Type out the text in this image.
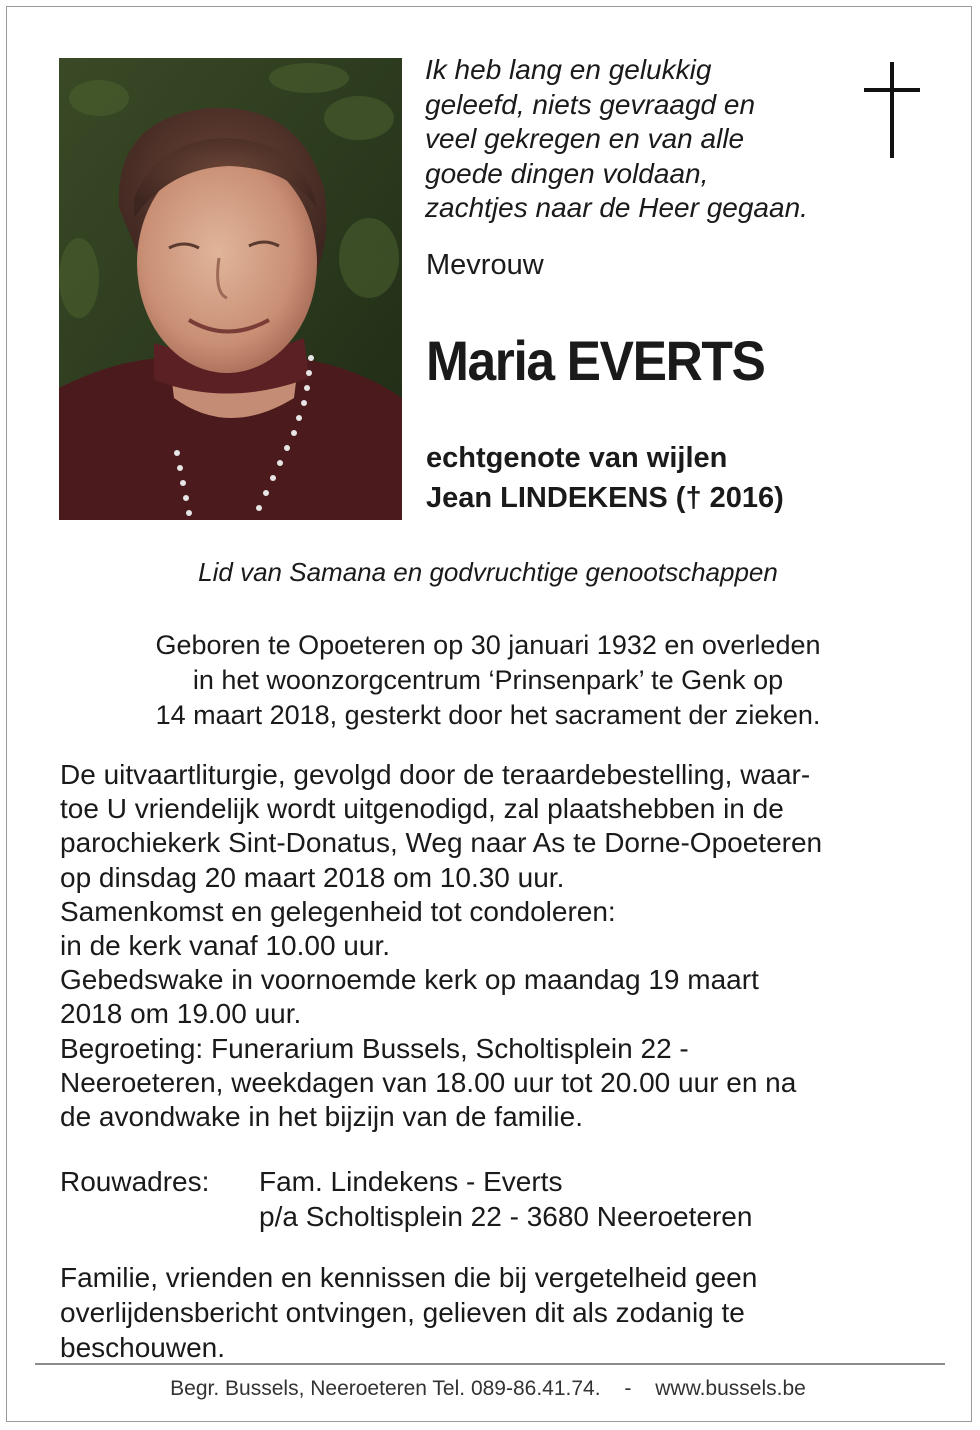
Ik heb lang en gelukkig
geleefd, niets gevraagd en
veel gekregen en van alle
goede dingen voldaan,
zachtjes naar de Heer gegaan.
Mevrouw
Maria EVERTS
echtgenote van wijlen
Jean LINDEKENS († 2016)
Lid van Samana en godvruchtige genootschappen
Geboren te Opoeteren op 30 januari 1932 en overleden
in het woonzorgcentrum ‘Prinsenpark’ te Genk op
14 maart 2018, gesterkt door het sacrament der zieken.
De uitvaartliturgie, gevolgd door de teraardebestelling, waar-
toe U vriendelijk wordt uitgenodigd, zal plaatshebben in de
parochiekerk Sint-Donatus, Weg naar As te Dorne-Opoeteren
op dinsdag 20 maart 2018 om 10.30 uur.
Samenkomst en gelegenheid tot condoleren:
in de kerk vanaf 10.00 uur.
Gebedswake in voornoemde kerk op maandag 19 maart
2018 om 19.00 uur.
Begroeting: Funerarium Bussels, Scholtisplein 22 -
Neeroeteren, weekdagen van 18.00 uur tot 20.00 uur en na
de avondwake in het bijzijn van de familie.
Rouwadres:	Fam. Lindekens - Everts
p/a Scholtisplein 22 - 3680 Neeroeteren
Familie, vrienden en kennissen die bij vergetelheid geen
overlijdensbericht ontvingen, gelieven dit als zodanig te
beschouwen.
Begr. Bussels, Neeroeteren Tel. 089-86.41.74. - www.bussels.be
